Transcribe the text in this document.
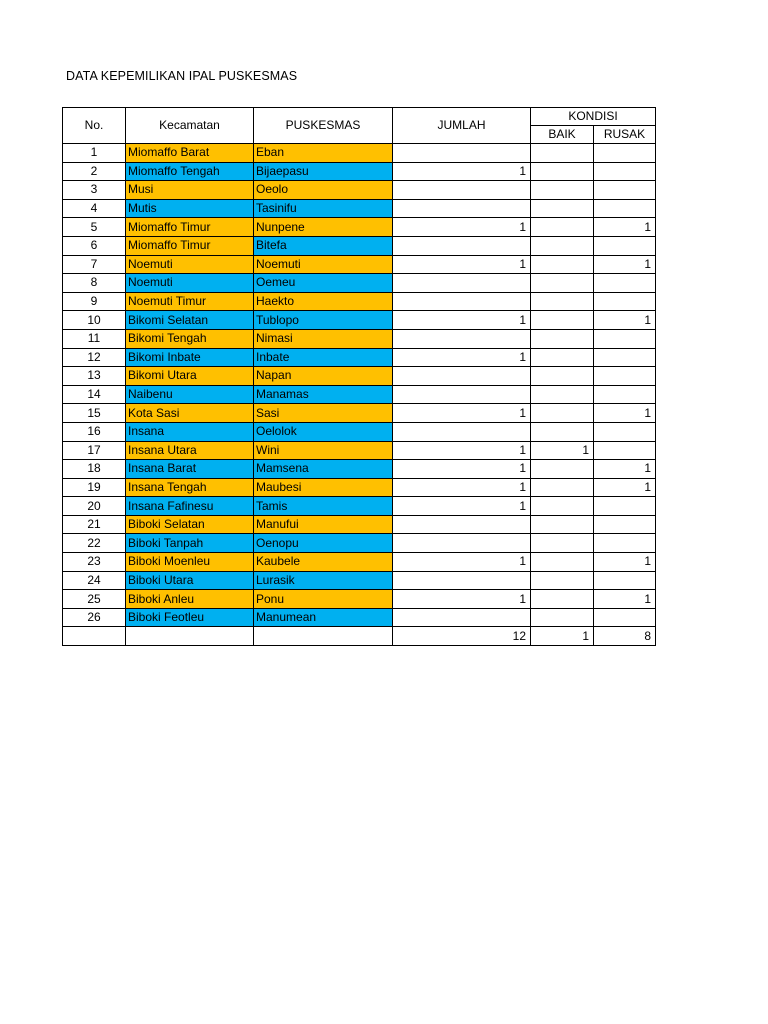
DATA KEPEMILIKAN IPAL PUSKESMAS
No.	Kecamatan	PUSKESMAS	JUMLAH	KONDISI	
				BAIK	RUSAK
1	Miomaffo Barat	Eban			
2	Miomaffo Tengah	Bijaepasu	1		
3	Musi	Oeolo			
4	Mutis	Tasinifu			
5	Miomaffo Timur	Nunpene	1		1
6	Miomaffo Timur	Bitefa			
7	Noemuti	Noemuti	1		1
8	Noemuti	Oemeu			
9	Noemuti Timur	Haekto			
10	Bikomi Selatan	Tublopo	1		1
11	Bikomi Tengah	Nimasi			
12	Bikomi Inbate	Inbate	1		
13	Bikomi Utara	Napan			
14	Naibenu	Manamas			
15	Kota Sasi	Sasi	1		1
16	Insana	Oelolok			
17	Insana Utara	Wini	1	1	
18	Insana Barat	Mamsena	1		1
19	Insana Tengah	Maubesi	1		1
20	Insana Fafinesu	Tamis	1		
21	Biboki Selatan	Manufui			
22	Biboki Tanpah	Oenopu			
23	Biboki Moenleu	Kaubele	1		1
24	Biboki Utara	Lurasik			
25	Biboki Anleu	Ponu	1		1
26	Biboki Feotleu	Manumean			
			12	1	8
